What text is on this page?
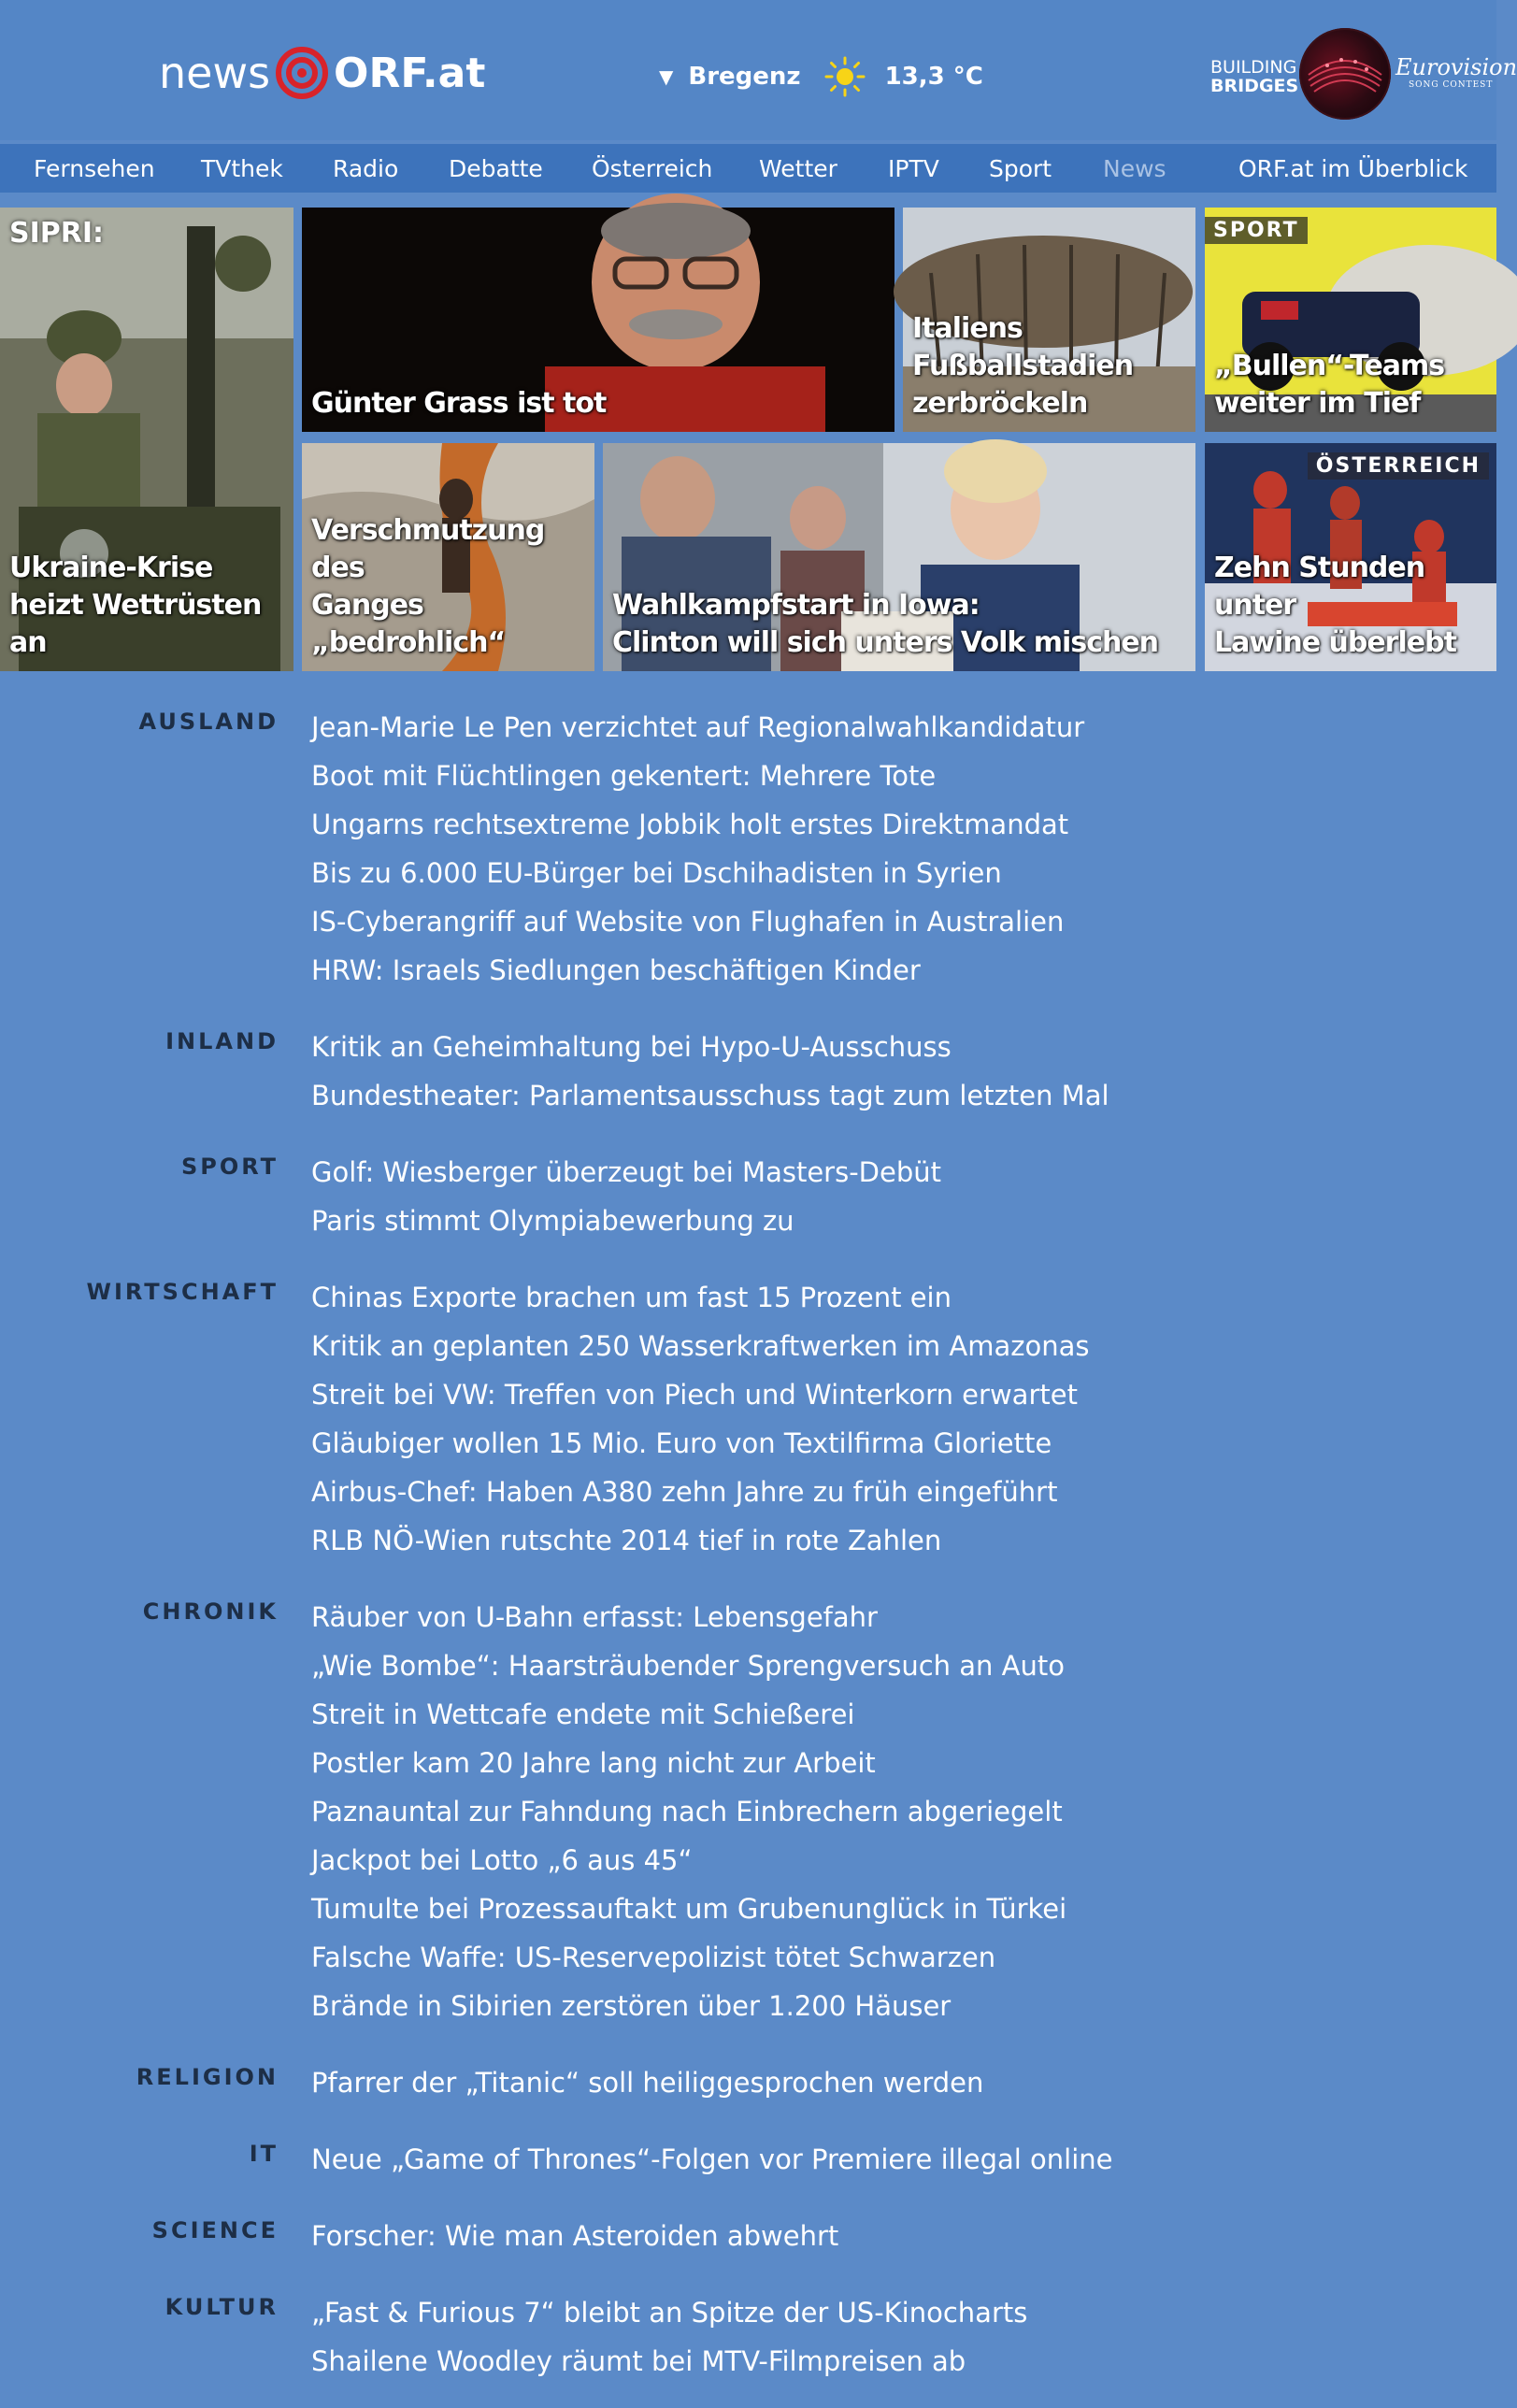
news ORF.at	▼ Bregenz	13,3 °C	BUILDING
BRIDGES
Eurovision
SONG CONTEST
Fernsehen TVthek Radio Debatte Österreich Wetter IPTV Sport News	ORF.at im Überblick
SIPRI:
Ukraine-Krise
heizt Wettrüsten an
Günter Grass ist tot
Italiens Fußballstadien
zerbröckeln
SPORT
„Bullen“-Teams
weiter im Tief
Verschmutzung des
Ganges „bedrohlich“
Wahlkampfstart in Iowa:
Clinton will sich unters Volk mischen
ÖSTERREICH
Zehn Stunden unter
Lawine überlebt
AUSLAND Jean-Marie Le Pen verzichtet auf Regionalwahlkandidatur
Boot mit Flüchtlingen gekentert: Mehrere Tote
Ungarns rechtsextreme Jobbik holt erstes Direktmandat
Bis zu 6.000 EU-Bürger bei Dschihadisten in Syrien
IS-Cyberangriff auf Website von Flughafen in Australien
HRW: Israels Siedlungen beschäftigen Kinder
INLAND Kritik an Geheimhaltung bei Hypo-U-Ausschuss
Bundestheater: Parlamentsausschuss tagt zum letzten Mal
SPORT Golf: Wiesberger überzeugt bei Masters-Debüt
Paris stimmt Olympiabewerbung zu
WIRTSCHAFT Chinas Exporte brachen um fast 15 Prozent ein
Kritik an geplanten 250 Wasserkraftwerken im Amazonas
Streit bei VW: Treffen von Piech und Winterkorn erwartet
Gläubiger wollen 15 Mio. Euro von Textilfirma Gloriette
Airbus-Chef: Haben A380 zehn Jahre zu früh eingeführt
RLB NÖ-Wien rutschte 2014 tief in rote Zahlen
CHRONIK Räuber von U-Bahn erfasst: Lebensgefahr
„Wie Bombe“: Haarsträubender Sprengversuch an Auto
Streit in Wettcafe endete mit Schießerei
Postler kam 20 Jahre lang nicht zur Arbeit
Paznauntal zur Fahndung nach Einbrechern abgeriegelt
Jackpot bei Lotto „6 aus 45“
Tumulte bei Prozessauftakt um Grubenunglück in Türkei
Falsche Waffe: US-Reservepolizist tötet Schwarzen
Brände in Sibirien zerstören über 1.200 Häuser
RELIGION Pfarrer der „Titanic“ soll heiliggesprochen werden
IT Neue „Game of Thrones“-Folgen vor Premiere illegal online
SCIENCE Forscher: Wie man Asteroiden abwehrt
KULTUR „Fast & Furious 7“ bleibt an Spitze der US-Kinocharts
Shailene Woodley räumt bei MTV-Filmpreisen ab
